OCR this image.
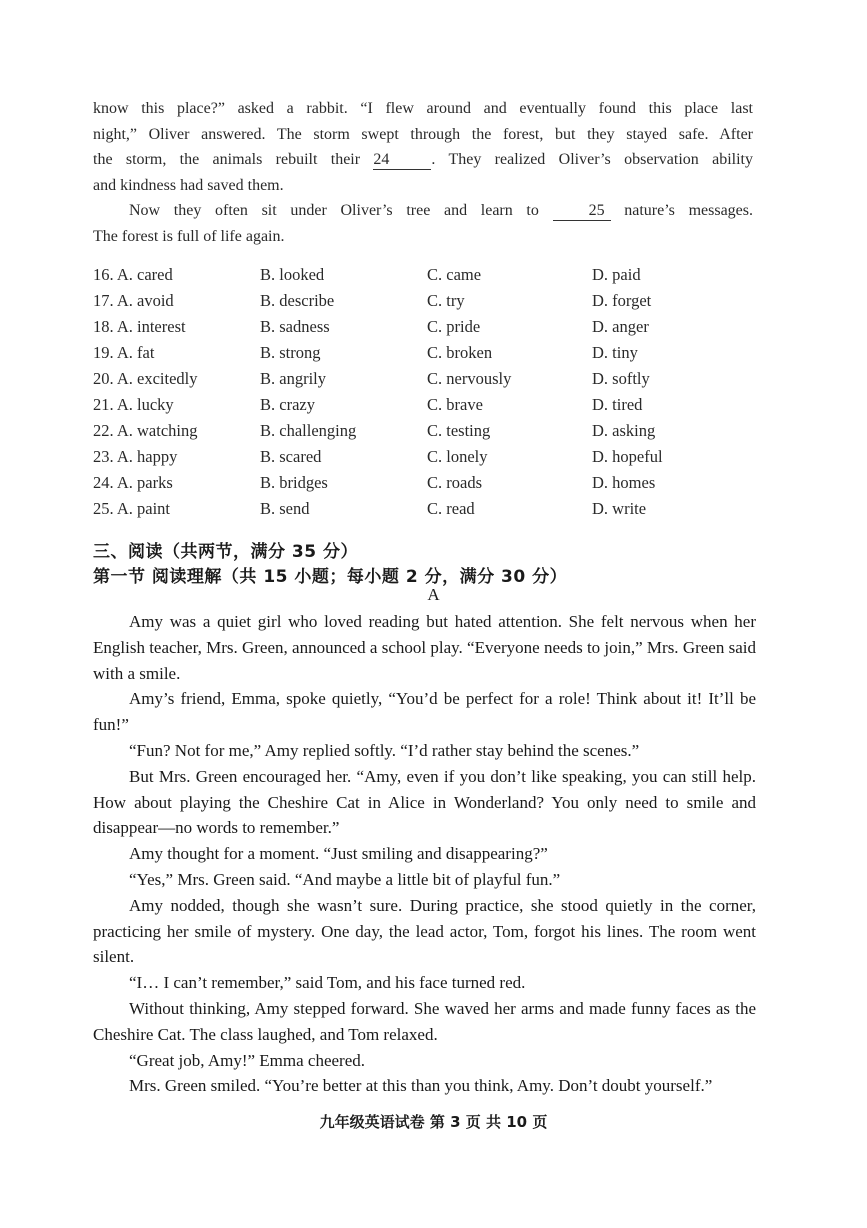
know this place?” asked a rabbit. “I flew around and eventually found this place last

night,” Oliver answered. The storm swept through the forest, but they stayed safe. After

the storm, the animals rebuilt their 24	. They realized Oliver’s observation ability

and kindness had saved them.

Now they often sit under Oliver’s tree and learn to 25 nature’s messages.

The forest is full of life again.

16. A. cared	B. looked	C. came	D. paid
17. A. avoid	B. describe	C. try	D. forget
18. A. interest	B. sadness	C. pride	D. anger
19. A. fat	B. strong	C. broken	D. tiny
20. A. excitedly	B. angrily	C. nervously	D. softly
21. A. lucky	B. crazy	C. brave	D. tired
22. A. watching	B. challenging	C. testing	D. asking
23. A. happy	B. scared	C. lonely	D. hopeful
24. A. parks	B. bridges	C. roads	D. homes
25. A. paint	B. send	C. read	D. write
三、阅读（共两节，满分 35 分）
第一节 阅读理解（共 15 小题；每小题 2 分，满分 30 分）
A

Amy was a quiet girl who loved reading but hated attention. She felt nervous when her English teacher, Mrs. Green, announced a school play. “Everyone needs to join,” Mrs. Green said with a smile.

Amy’s friend, Emma, spoke quietly, “You’d be perfect for a role! Think about it! It’ll be fun!”

“Fun? Not for me,” Amy replied softly. “I’d rather stay behind the scenes.”

But Mrs. Green encouraged her. “Amy, even if you don’t like speaking, you can still help. How about playing the Cheshire Cat in Alice in Wonderland? You only need to smile and disappear—no words to remember.”

Amy thought for a moment. “Just smiling and disappearing?”

“Yes,” Mrs. Green said. “And maybe a little bit of playful fun.”

Amy nodded, though she wasn’t sure. During practice, she stood quietly in the corner, practicing her smile of mystery. One day, the lead actor, Tom, forgot his lines. The room went silent.

“I… I can’t remember,” said Tom, and his face turned red.

Without thinking, Amy stepped forward. She waved her arms and made funny faces as the Cheshire Cat. The class laughed, and Tom relaxed.

“Great job, Amy!” Emma cheered.

Mrs. Green smiled. “You’re better at this than you think, Amy. Don’t doubt yourself.”

九年级英语试卷 第 3 页 共 10 页
